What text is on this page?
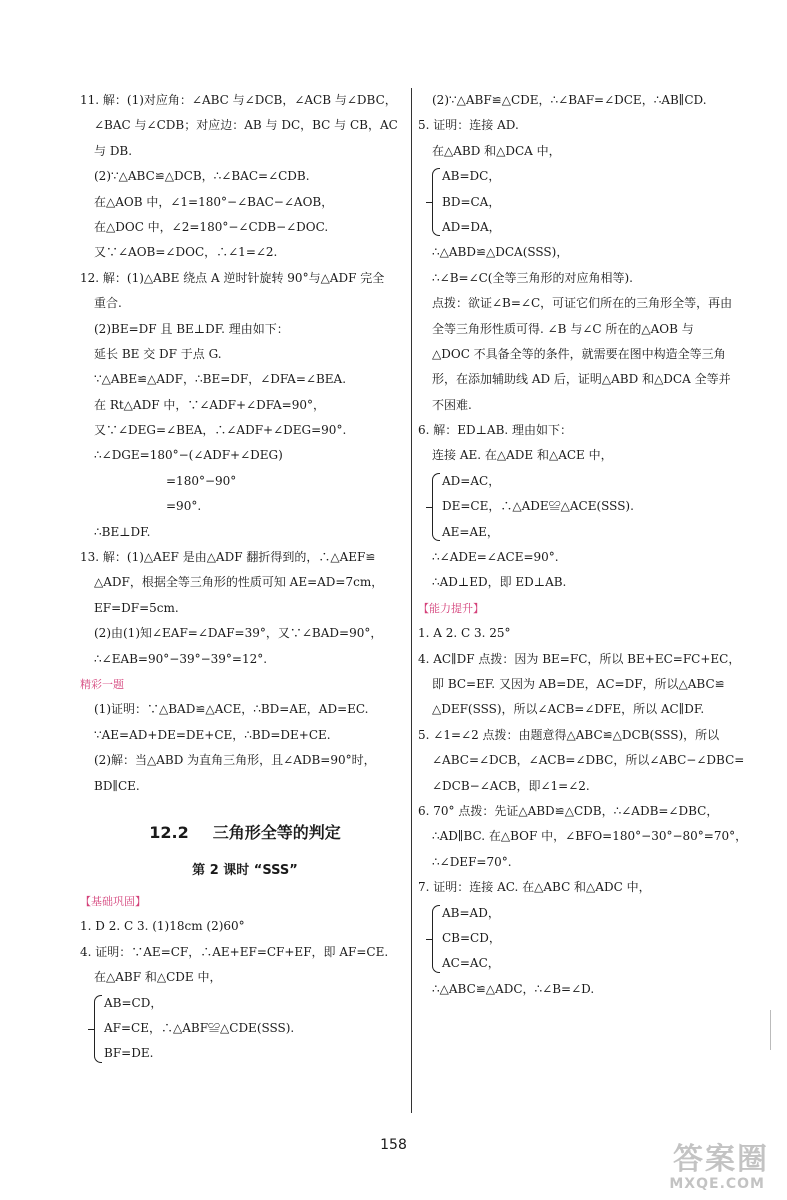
11. 解：(1)对应角：∠ABC 与∠DCB，∠ACB 与∠DBC，
∠BAC 与∠CDB；对应边：AB 与 DC，BC 与 CB，AC
与 DB.
(2)∵△ABC≌△DCB，∴∠BAC=∠CDB.
在△AOB 中，∠1=180°−∠BAC−∠AOB，
在△DOC 中，∠2=180°−∠CDB−∠DOC.
又∵∠AOB=∠DOC，∴∠1=∠2.
12. 解：(1)△ABE 绕点 A 逆时针旋转 90°与△ADF 完全
重合.
(2)BE=DF 且 BE⊥DF. 理由如下：
延长 BE 交 DF 于点 G.
∵△ABE≌△ADF，∴BE=DF，∠DFA=∠BEA.
在 Rt△ADF 中，∵∠ADF+∠DFA=90°，
又∵∠DEG=∠BEA，∴∠ADF+∠DEG=90°.
∴∠DGE=180°−(∠ADF+∠DEG)
=180°−90°
=90°.
∴BE⊥DF.
13. 解：(1)△AEF 是由△ADF 翻折得到的，∴△AEF≌
△ADF，根据全等三角形的性质可知 AE=AD=7cm，
EF=DF=5cm.
(2)由(1)知∠EAF=∠DAF=39°，又∵∠BAD=90°，
∴∠EAB=90°−39°−39°=12°.
精彩一题
(1)证明：∵△BAD≌△ACE，∴BD=AE，AD=EC.
∵AE=AD+DE=DE+CE，∴BD=DE+CE.
(2)解：当△ABD 为直角三角形，且∠ADB=90°时，
BD∥CE.
12.2 三角形全等的判定
第 2 课时 “SSS”
【基础巩固】
1. D 2. C 3. (1)18cm (2)60°
4. 证明：∵AE=CF，∴AE+EF=CF+EF，即 AF=CE.
在△ABF 和△CDE 中，
AB=CD，
AF=CE，∴△ABF≌△CDE(SSS).
BF=DE.
(2)∵△ABF≌△CDE，∴∠BAF=∠DCE，∴AB∥CD.
5. 证明：连接 AD.
在△ABD 和△DCA 中，
AB=DC，
BD=CA，
AD=DA，
∴△ABD≌△DCA(SSS)，
∴∠B=∠C(全等三角形的对应角相等).
点拨：欲证∠B=∠C，可证它们所在的三角形全等，再由
全等三角形性质可得. ∠B 与∠C 所在的△AOB 与
△DOC 不具备全等的条件，就需要在图中构造全等三角
形，在添加辅助线 AD 后，证明△ABD 和△DCA 全等并
不困难.
6. 解：ED⊥AB. 理由如下：
连接 AE. 在△ADE 和△ACE 中，
AD=AC，
DE=CE，∴△ADE≌△ACE(SSS).
AE=AE，
∴∠ADE=∠ACE=90°.
∴AD⊥ED，即 ED⊥AB.
【能力提升】
1. A 2. C 3. 25°
4. AC∥DF 点拨：因为 BE=FC，所以 BE+EC=FC+EC，
即 BC=EF. 又因为 AB=DE，AC=DF，所以△ABC≌
△DEF(SSS)，所以∠ACB=∠DFE，所以 AC∥DF.
5. ∠1=∠2 点拨：由题意得△ABC≌△DCB(SSS)，所以
∠ABC=∠DCB，∠ACB=∠DBC，所以∠ABC−∠DBC=
∠DCB−∠ACB，即∠1=∠2.
6. 70° 点拨：先证△ABD≌△CDB，∴∠ADB=∠DBC，
∴AD∥BC. 在△BOF 中，∠BFO=180°−30°−80°=70°，
∴∠DEF=70°.
7. 证明：连接 AC. 在△ABC 和△ADC 中，
AB=AD，
CB=CD，
AC=AC，
∴△ABC≌△ADC，∴∠B=∠D.
158	答案圈
MXQE.COM
